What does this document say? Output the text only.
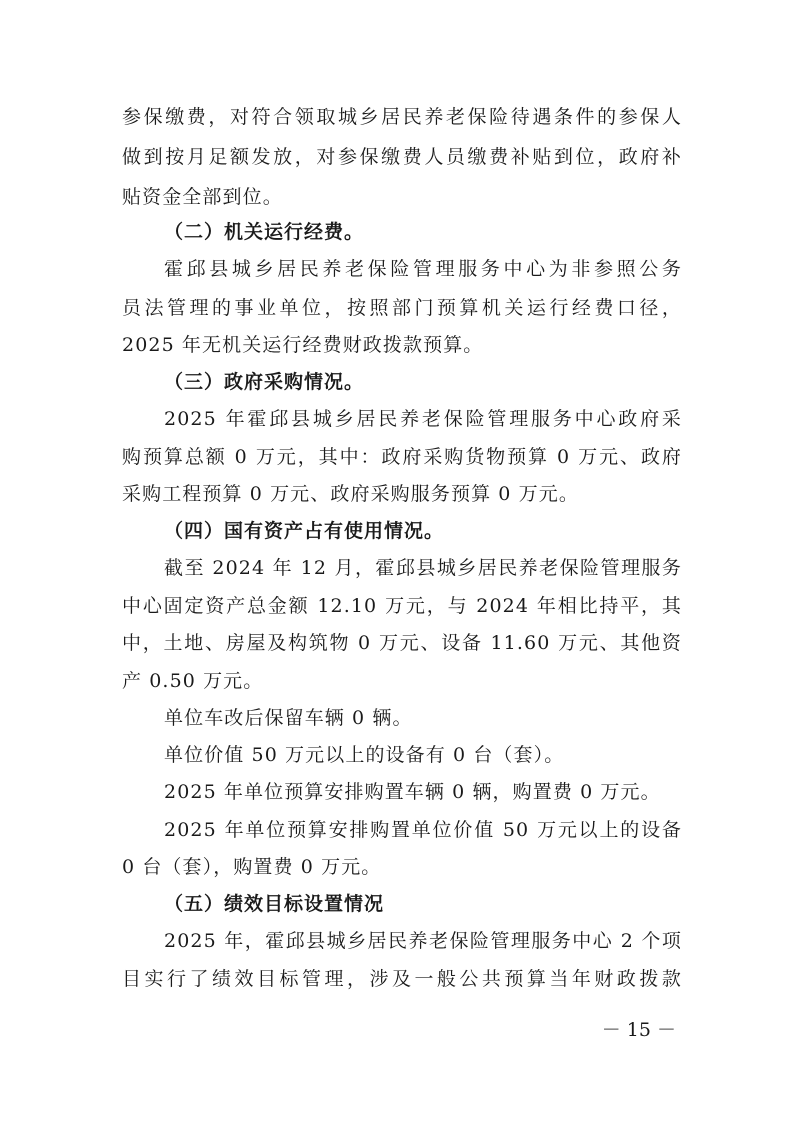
参保缴费，对符合领取城乡居民养老保险待遇条件的参保人
做到按月足额发放，对参保缴费人员缴费补贴到位，政府补
贴资金全部到位。
（二）机关运行经费。
霍邱县城乡居民养老保险管理服务中心为非参照公务
员法管理的事业单位，按照部门预算机关运行经费口径，
2025 年无机关运行经费财政拨款预算。
（三）政府采购情况。
2025 年霍邱县城乡居民养老保险管理服务中心政府采
购预算总额 0 万元，其中：政府采购货物预算 0 万元、政府
采购工程预算 0 万元、政府采购服务预算 0 万元。
（四）国有资产占有使用情况。
截至 2024 年 12 月，霍邱县城乡居民养老保险管理服务
中心固定资产总金额 12.10 万元，与 2024 年相比持平，其
中，土地、房屋及构筑物 0 万元、设备 11.60 万元、其他资
产 0.50 万元。
单位车改后保留车辆 0 辆。
单位价值 50 万元以上的设备有 0 台（套）。
2025 年单位预算安排购置车辆 0 辆，购置费 0 万元。
2025 年单位预算安排购置单位价值 50 万元以上的设备
0 台（套），购置费 0 万元。
（五）绩效目标设置情况
2025 年，霍邱县城乡居民养老保险管理服务中心 2 个项
目实行了绩效目标管理，涉及一般公共预算当年财政拨款
－ 15 －
